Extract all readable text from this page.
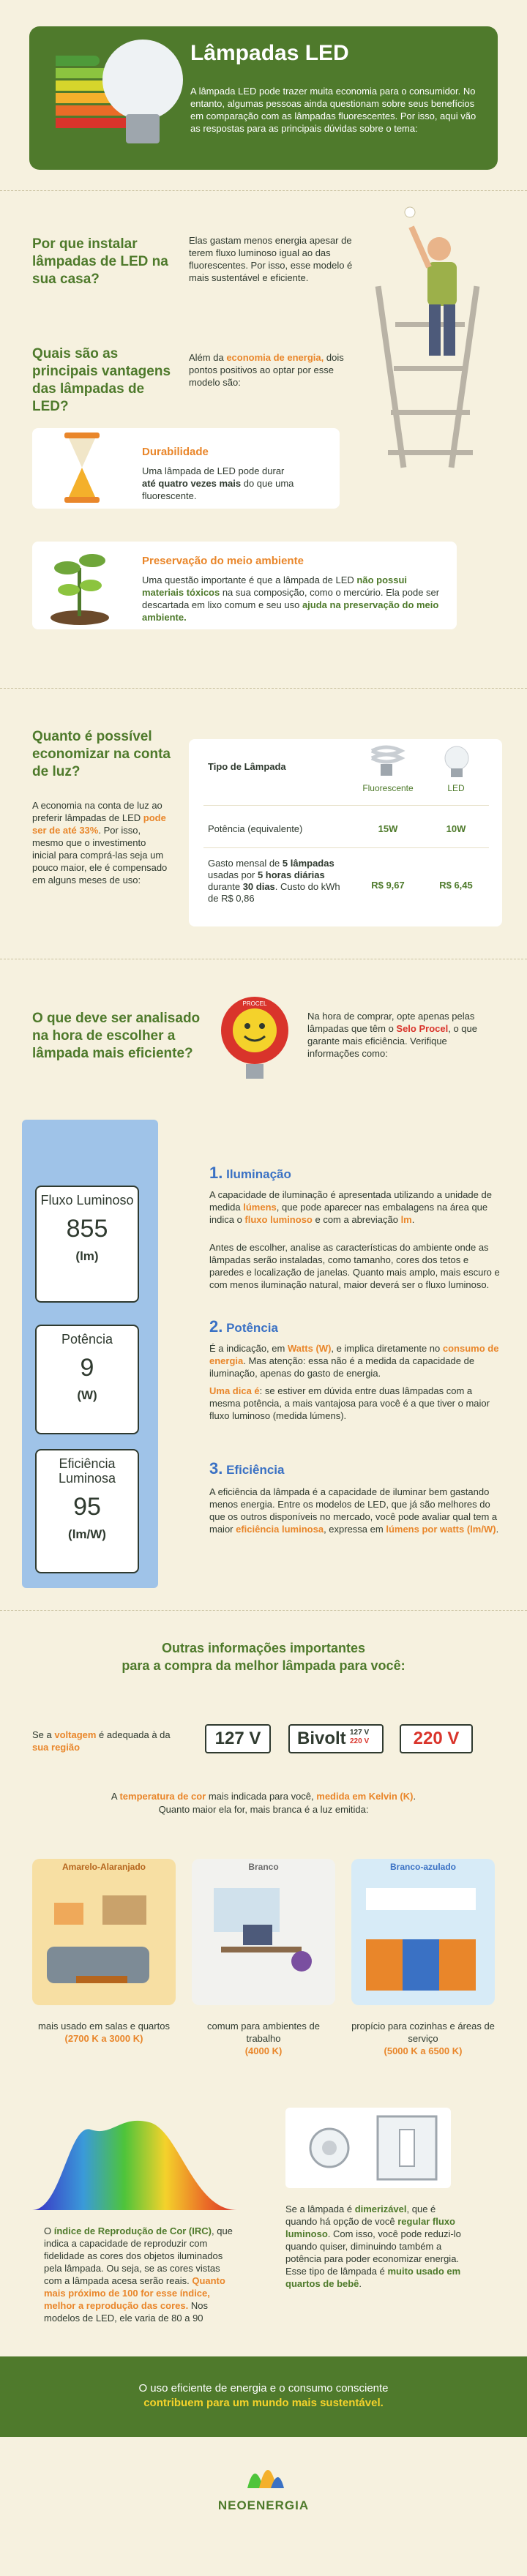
Lâmpadas LED
A lâmpada LED pode trazer muita economia para o consumidor. No entanto, algumas pessoas ainda questionam sobre seus benefícios em comparação com as lâmpadas fluorescentes. Por isso, aqui vão as respostas para as principais dúvidas sobre o tema:
Por que instalar lâmpadas de LED na sua casa?
Elas gastam menos energia apesar de terem fluxo luminoso igual ao das fluorescentes. Por isso, esse modelo é mais sustentável e eficiente.
Quais são as principais vantagens das lâmpadas de LED?
Além da economia de energia, dois pontos positivos ao optar por esse modelo são:
Durabilidade
Uma lâmpada de LED pode durar até quatro vezes mais do que uma fluorescente.
Preservação do meio ambiente
Uma questão importante é que a lâmpada de LED não possui materiais tóxicos na sua composição, como o mercúrio. Ela pode ser descartada em lixo comum e seu uso ajuda na preservação do meio ambiente.
Quanto é possível economizar na conta de luz?
A economia na conta de luz ao preferir lâmpadas de LED pode ser de até 33%. Por isso, mesmo que o investimento inicial para comprá-las seja um pouco maior, ele é compensado em alguns meses de uso:
Tipo de Lâmpada
Fluorescente	LED
Potência (equivalente)	15W	10W
Gasto mensal de 5 lâmpadas usadas por 5 horas diárias durante 30 dias. Custo do kWh de R$ 0,86
R$ 9,67	R$ 6,45
O que deve ser analisado na hora de escolher a lâmpada mais eficiente?
PROCEL
Na hora de comprar, opte apenas pelas lâmpadas que têm o Selo Procel, o que garante mais eficiência. Verifique informações como:
Fluxo Luminoso
855
(lm)
Potência
9
(W)
Eficiência Luminosa
95
(lm/W)
1. Iluminação
A capacidade de iluminação é apresentada utilizando a unidade de medida lúmens, que pode aparecer nas embalagens na área que indica o fluxo luminoso e com a abreviação lm.
Antes de escolher, analise as características do ambiente onde as lâmpadas serão instaladas, como tamanho, cores dos tetos e paredes e localização de janelas. Quanto mais amplo, mais escuro e com menos iluminação natural, maior deverá ser o fluxo luminoso.
2. Potência
É a indicação, em Watts (W), e implica diretamente no consumo de energia. Mas atenção: essa não é a medida da capacidade de iluminação, apenas do gasto de energia.
Uma dica é: se estiver em dúvida entre duas lâmpadas com a mesma potência, a mais vantajosa para você é a que tiver o maior fluxo luminoso (medida lúmens).
3. Eficiência
A eficiência da lâmpada é a capacidade de iluminar bem gastando menos energia. Entre os modelos de LED, que já são melhores do que os outros disponíveis no mercado, você pode avaliar qual tem a maior eficiência luminosa, expressa em lúmens por watts (lm/W).
Outras informações importantes
para a compra da melhor lâmpada para você:
Se a voltagem é adequada à da sua região	127 V	Bivolt 127 V
220 V	220 V
A temperatura de cor mais indicada para você, medida em Kelvin (K).
Quanto maior ela for, mais branca é a luz emitida:
Amarelo-Alaranjado	Branco	Branco-azulado
mais usado em salas e quartos
(2700 K a 3000 K)
comum para ambientes de trabalho
(4000 K)
propício para cozinhas e áreas de serviço
(5000 K a 6500 K)
O índice de Reprodução de Cor (IRC), que indica a capacidade de reproduzir com fidelidade as cores dos objetos iluminados pela lâmpada. Ou seja, se as cores vistas com a lâmpada acesa serão reais. Quanto mais próximo de 100 for esse índice, melhor a reprodução das cores. Nos modelos de LED, ele varia de 80 a 90
Se a lâmpada é dimerizável, que é quando há opção de você regular fluxo luminoso. Com isso, você pode reduzi-lo quando quiser, diminuindo também a potência para poder economizar energia. Esse tipo de lâmpada é muito usado em quartos de bebê.
O uso eficiente de energia e o consumo consciente
contribuem para um mundo mais sustentável.
NEOENERGIA
